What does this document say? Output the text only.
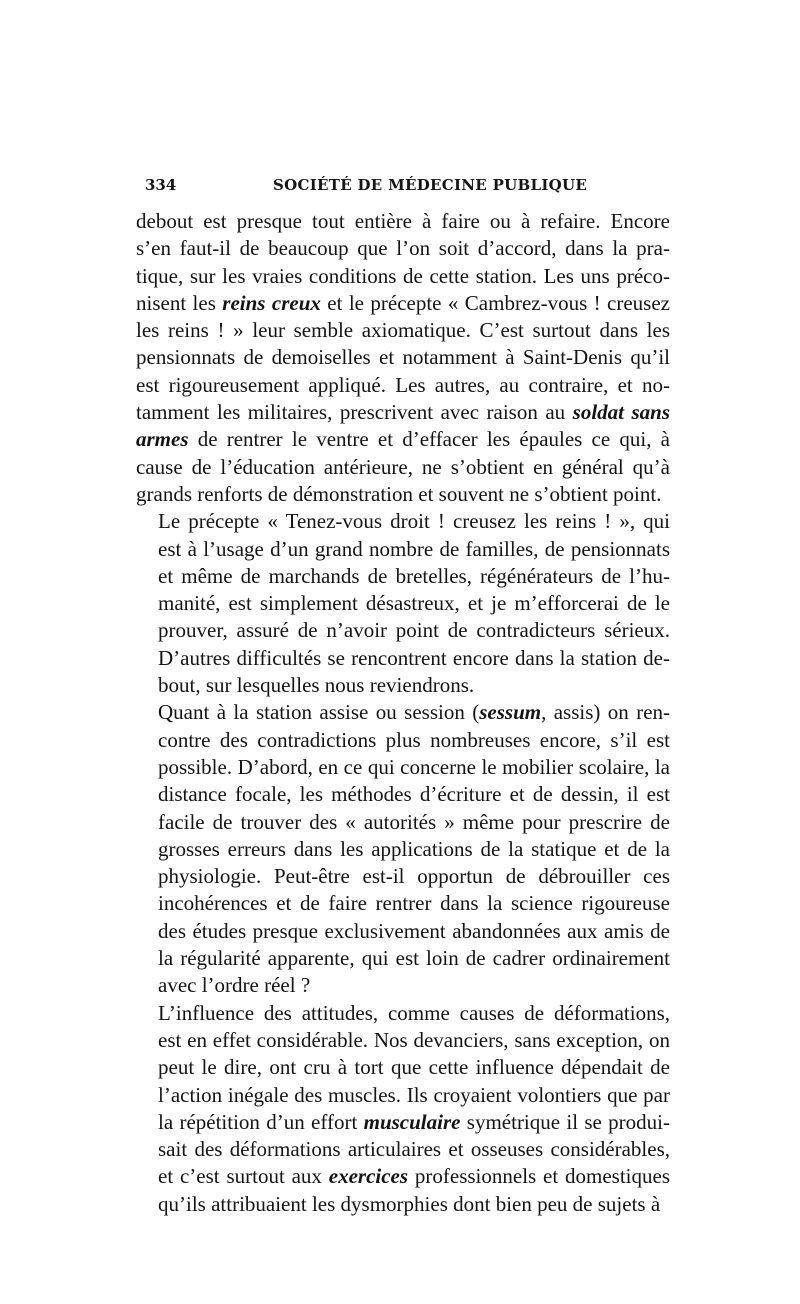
334	SOCIÉTÉ DE MÉDECINE PUBLIQUE

debout est presque tout entière à faire ou à refaire. Encore
s’en faut-il de beaucoup que l’on soit d’accord, dans la pra-
tique, sur les vraies conditions de cette station. Les uns préco-
nisent les reins creux et le précepte « Cambrez-vous ! creusez
les reins ! » leur semble axiomatique. C’est surtout dans les
pensionnats de demoiselles et notamment à Saint-Denis qu’il
est rigoureusement appliqué. Les autres, au contraire, et no-
tamment les militaires, prescrivent avec raison au soldat sans
armes de rentrer le ventre et d’effacer les épaules ce qui, à
cause de l’éducation antérieure, ne s’obtient en général qu’à
grands renforts de démonstration et souvent ne s’obtient point.

Le précepte « Tenez-vous droit ! creusez les reins ! », qui
est à l’usage d’un grand nombre de familles, de pensionnats
et même de marchands de bretelles, régénérateurs de l’hu-
manité, est simplement désastreux, et je m’efforcerai de le
prouver, assuré de n’avoir point de contradicteurs sérieux.
D’autres difficultés se rencontrent encore dans la station de-
bout, sur lesquelles nous reviendrons.

Quant à la station assise ou session (sessum, assis) on ren-
contre des contradictions plus nombreuses encore, s’il est
possible. D’abord, en ce qui concerne le mobilier scolaire, la
distance focale, les méthodes d’écriture et de dessin, il est
facile de trouver des « autorités » même pour prescrire de
grosses erreurs dans les applications de la statique et de la
physiologie. Peut-être est-il opportun de débrouiller ces
incohérences et de faire rentrer dans la science rigoureuse
des études presque exclusivement abandonnées aux amis de
la régularité apparente, qui est loin de cadrer ordinairement
avec l’ordre réel ?

L’influence des attitudes, comme causes de déformations,
est en effet considérable. Nos devanciers, sans exception, on
peut le dire, ont cru à tort que cette influence dépendait de
l’action inégale des muscles. Ils croyaient volontiers que par
la répétition d’un effort musculaire symétrique il se produi-
sait des déformations articulaires et osseuses considérables,
et c’est surtout aux exercices professionnels et domestiques
qu’ils attribuaient les dysmorphies dont bien peu de sujets à
